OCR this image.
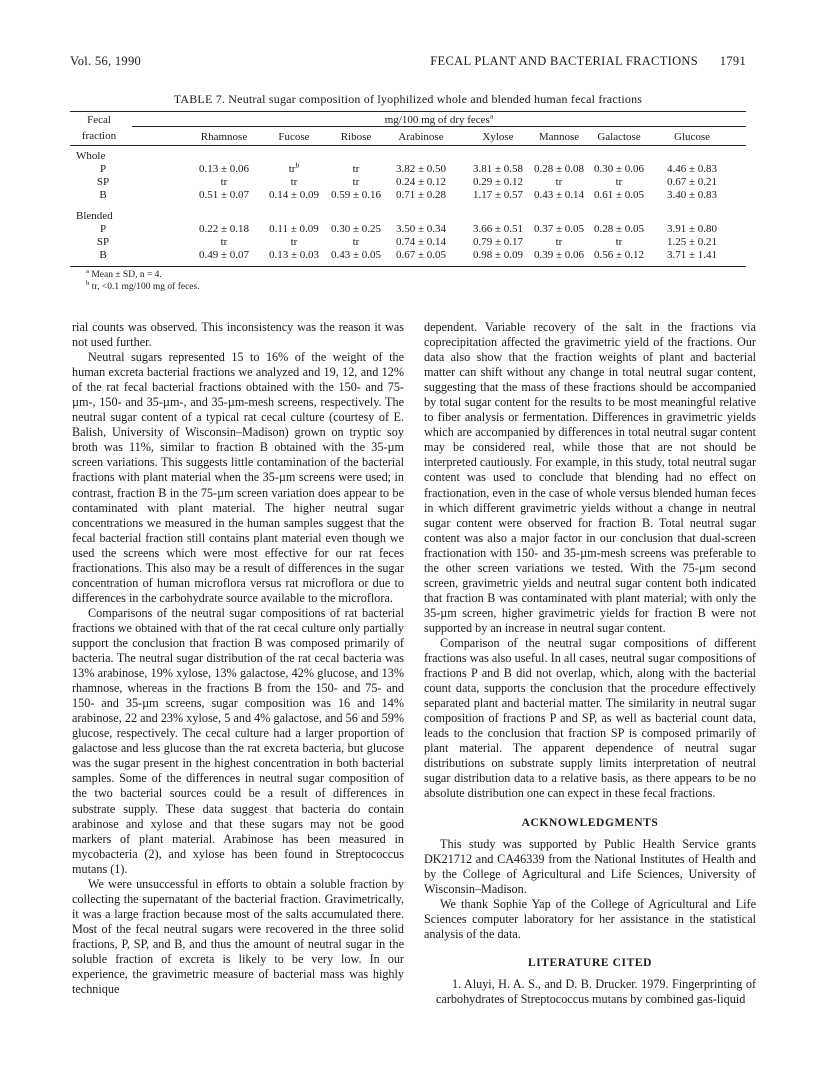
Vol. 56, 1990	FECAL PLANT AND BACTERIAL FRACTIONS 1791
TABLE 7. Neutral sugar composition of lyophilized whole and blended human fecal fractions
Fecal	mg/100 mg of dry feces$^a$
fraction	Rhamnose	Fucose	Ribose	Arabinose	Xylose	Mannose	Galactose	Glucose
Whole
P	0.13 ± 0.06	$tr^b$	tr	3.82 ± 0.50	3.81 ± 0.58 0.28 ± 0.08 0.30 ± 0.06	4.46 ± 0.83
SP	tr	tr	tr	0.24 ± 0.12	0.29 ± 0.12	tr	tr	0.67 ± 0.21
B	0.51 ± 0.07	0.14 ± 0.09	0.59 ± 0.16	0.71 ± 0.28	1.17 ± 0.57 0.43 ± 0.14 0.61 ± 0.05	3.40 ± 0.83
Blended
P	0.22 ± 0.18	0.11 ± 0.09	0.30 ± 0.25	3.50 ± 0.34	3.66 ± 0.51 0.37 ± 0.05 0.28 ± 0.05	3.91 ± 0.80
SP	tr	tr	tr	0.74 ± 0.14	0.79 ± 0.17	tr	tr	1.25 ± 0.21
B	0.49 ± 0.07	0.13 ± 0.03	0.43 ± 0.05	0.67 ± 0.05	0.98 ± 0.09 0.39 ± 0.06 0.56 ± 0.12	3.71 ± 1.41
$^a$ Mean ± SD, n = 4.
$^b$ tr, <0.1 mg/100 mg of feces.

rial counts was observed. This inconsistency was the reason it was not used further.

Neutral sugars represented 15 to 16% of the weight of the human excreta bacterial fractions we analyzed and 19, 12, and 12% of the rat fecal bacterial fractions obtained with the 150- and 75-µm-, 150- and 35-µm-, and 35-µm-mesh screens, respectively. The neutral sugar content of a typical rat cecal culture (courtesy of E. Balish, University of Wisconsin–Madison) grown on tryptic soy broth was 11%, similar to fraction B obtained with the 35-µm screen variations. This suggests little contamination of the bacterial fractions with plant material when the 35-µm screens were used; in contrast, fraction B in the 75-µm screen variation does appear to be contaminated with plant material. The higher neutral sugar concentrations we measured in the human samples suggest that the fecal bacterial fraction still contains plant material even though we used the screens which were most effective for our rat feces fractionations. This also may be a result of differences in the sugar concentration of human microflora versus rat microflora or due to differences in the carbohydrate source available to the microflora.

Comparisons of the neutral sugar compositions of rat bacterial fractions we obtained with that of the rat cecal culture only partially support the conclusion that fraction B was composed primarily of bacteria. The neutral sugar distribution of the rat cecal bacteria was 13% arabinose, 19% xylose, 13% galactose, 42% glucose, and 13% rhamnose, whereas in the fractions B from the 150- and 75- and 150- and 35-µm screens, sugar composition was 16 and 14% arabinose, 22 and 23% xylose, 5 and 4% galactose, and 56 and 59% glucose, respectively. The cecal culture had a larger proportion of galactose and less glucose than the rat excreta bacteria, but glucose was the sugar present in the highest concentration in both bacterial samples. Some of the differences in neutral sugar composition of the two bacterial sources could be a result of differences in substrate supply. These data suggest that bacteria do contain arabinose and xylose and that these sugars may not be good markers of plant material. Arabinose has been measured in mycobacteria (2), and xylose has been found in Streptococcus mutans (1).

We were unsuccessful in efforts to obtain a soluble fraction by collecting the supernatant of the bacterial fraction. Gravimetrically, it was a large fraction because most of the salts accumulated there. Most of the fecal neutral sugars were recovered in the three solid fractions, P, SP, and B, and thus the amount of neutral sugar in the soluble fraction of excreta is likely to be very low. In our experience, the gravimetric measure of bacterial mass was highly technique

dependent. Variable recovery of the salt in the fractions via coprecipitation affected the gravimetric yield of the fractions. Our data also show that the fraction weights of plant and bacterial matter can shift without any change in total neutral sugar content, suggesting that the mass of these fractions should be accompanied by total sugar content for the results to be most meaningful relative to fiber analysis or fermentation. Differences in gravimetric yields which are accompanied by differences in total neutral sugar content may be considered real, while those that are not should be interpreted cautiously. For example, in this study, total neutral sugar content was used to conclude that blending had no effect on fractionation, even in the case of whole versus blended human feces in which different gravimetric yields without a change in neutral sugar content were observed for fraction B. Total neutral sugar content was also a major factor in our conclusion that dual-screen fractionation with 150- and 35-µm-mesh screens was preferable to the other screen variations we tested. With the 75-µm second screen, gravimetric yields and neutral sugar content both indicated that fraction B was contaminated with plant material; with only the 35-µm screen, higher gravimetric yields for fraction B were not supported by an increase in neutral sugar content.

Comparison of the neutral sugar compositions of different fractions was also useful. In all cases, neutral sugar compositions of fractions P and B did not overlap, which, along with the bacterial count data, supports the conclusion that the procedure effectively separated plant and bacterial matter. The similarity in neutral sugar composition of fractions P and SP, as well as bacterial count data, leads to the conclusion that fraction SP is composed primarily of plant material. The apparent dependence of neutral sugar distributions on substrate supply limits interpretation of neutral sugar distribution data to a relative basis, as there appears to be no absolute distribution one can expect in these fecal fractions.

ACKNOWLEDGMENTS

This study was supported by Public Health Service grants DK21712 and CA46339 from the National Institutes of Health and by the College of Agricultural and Life Sciences, University of Wisconsin–Madison.

We thank Sophie Yap of the College of Agricultural and Life Sciences computer laboratory for her assistance in the statistical analysis of the data.

LITERATURE CITED

1. Aluyi, H. A. S., and D. B. Drucker. 1979. Fingerprinting of carbohydrates of Streptococcus mutans by combined gas-liquid
